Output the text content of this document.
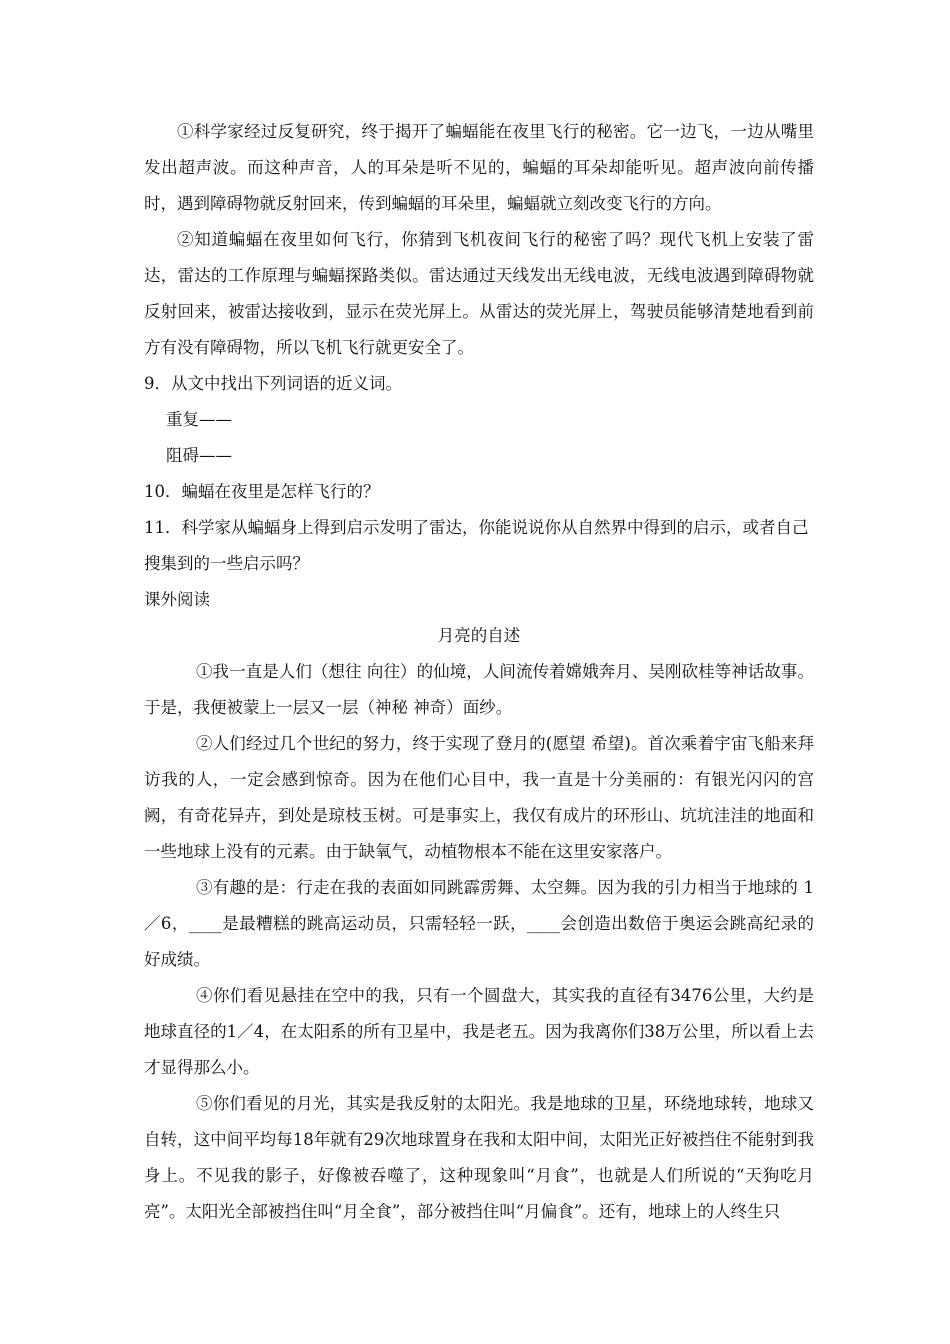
①科学家经过反复研究，终于揭开了蝙蝠能在夜里飞行的秘密。它一边飞，一边从嘴里发出超声波。而这种声音，人的耳朵是听不见的，蝙蝠的耳朵却能听见。超声波向前传播时，遇到障碍物就反射回来，传到蝙蝠的耳朵里，蝙蝠就立刻改变飞行的方向。

②知道蝙蝠在夜里如何飞行，你猜到飞机夜间飞行的秘密了吗？现代飞机上安装了雷达，雷达的工作原理与蝙蝠探路类似。雷达通过天线发出无线电波，无线电波遇到障碍物就反射回来，被雷达接收到，显示在荧光屏上。从雷达的荧光屏上，驾驶员能够清楚地看到前方有没有障碍物，所以飞机飞行就更安全了。

9．从文中找出下列词语的近义词。

重复——

阻碍——

10．蝙蝠在夜里是怎样飞行的？

11．科学家从蝙蝠身上得到启示发明了雷达，你能说说你从自然界中得到的启示，或者自己搜集到的一些启示吗？

课外阅读

月亮的自述

①我一直是人们（想往 向往）的仙境，人间流传着嫦娥奔月、吴刚砍桂等神话故事。于是，我便被蒙上一层又一层（神秘 神奇）面纱。

②人们经过几个世纪的努力，终于实现了登月的(愿望 希望)。首次乘着宇宙飞船来拜访我的人，一定会感到惊奇。因为在他们心目中，我一直是十分美丽的：有银光闪闪的宫阙，有奇花异卉，到处是琼枝玉树。可是事实上，我仅有成片的环形山、坑坑洼洼的地面和一些地球上没有的元素。由于缺氧气，动植物根本不能在这里安家落户。

③有趣的是：行走在我的表面如同跳霹雳舞、太空舞。因为我的引力相当于地球的 1／6，____是最糟糕的跳高运动员，只需轻轻一跃，____会创造出数倍于奥运会跳高纪录的好成绩。

④你们看见悬挂在空中的我，只有一个圆盘大，其实我的直径有3476公里，大约是地球直径的1／4，在太阳系的所有卫星中，我是老五。因为我离你们38万公里，所以看上去才显得那么小。

⑤你们看见的月光，其实是我反射的太阳光。我是地球的卫星，环绕地球转，地球又自转，这中间平均每18年就有29次地球置身在我和太阳中间，太阳光正好被挡住不能射到我身上。不见我的影子，好像被吞噬了，这种现象叫“月食”，也就是人们所说的“天狗吃月亮”。太阳光全部被挡住叫“月全食”，部分被挡住叫“月偏食”。还有，地球上的人终生只
